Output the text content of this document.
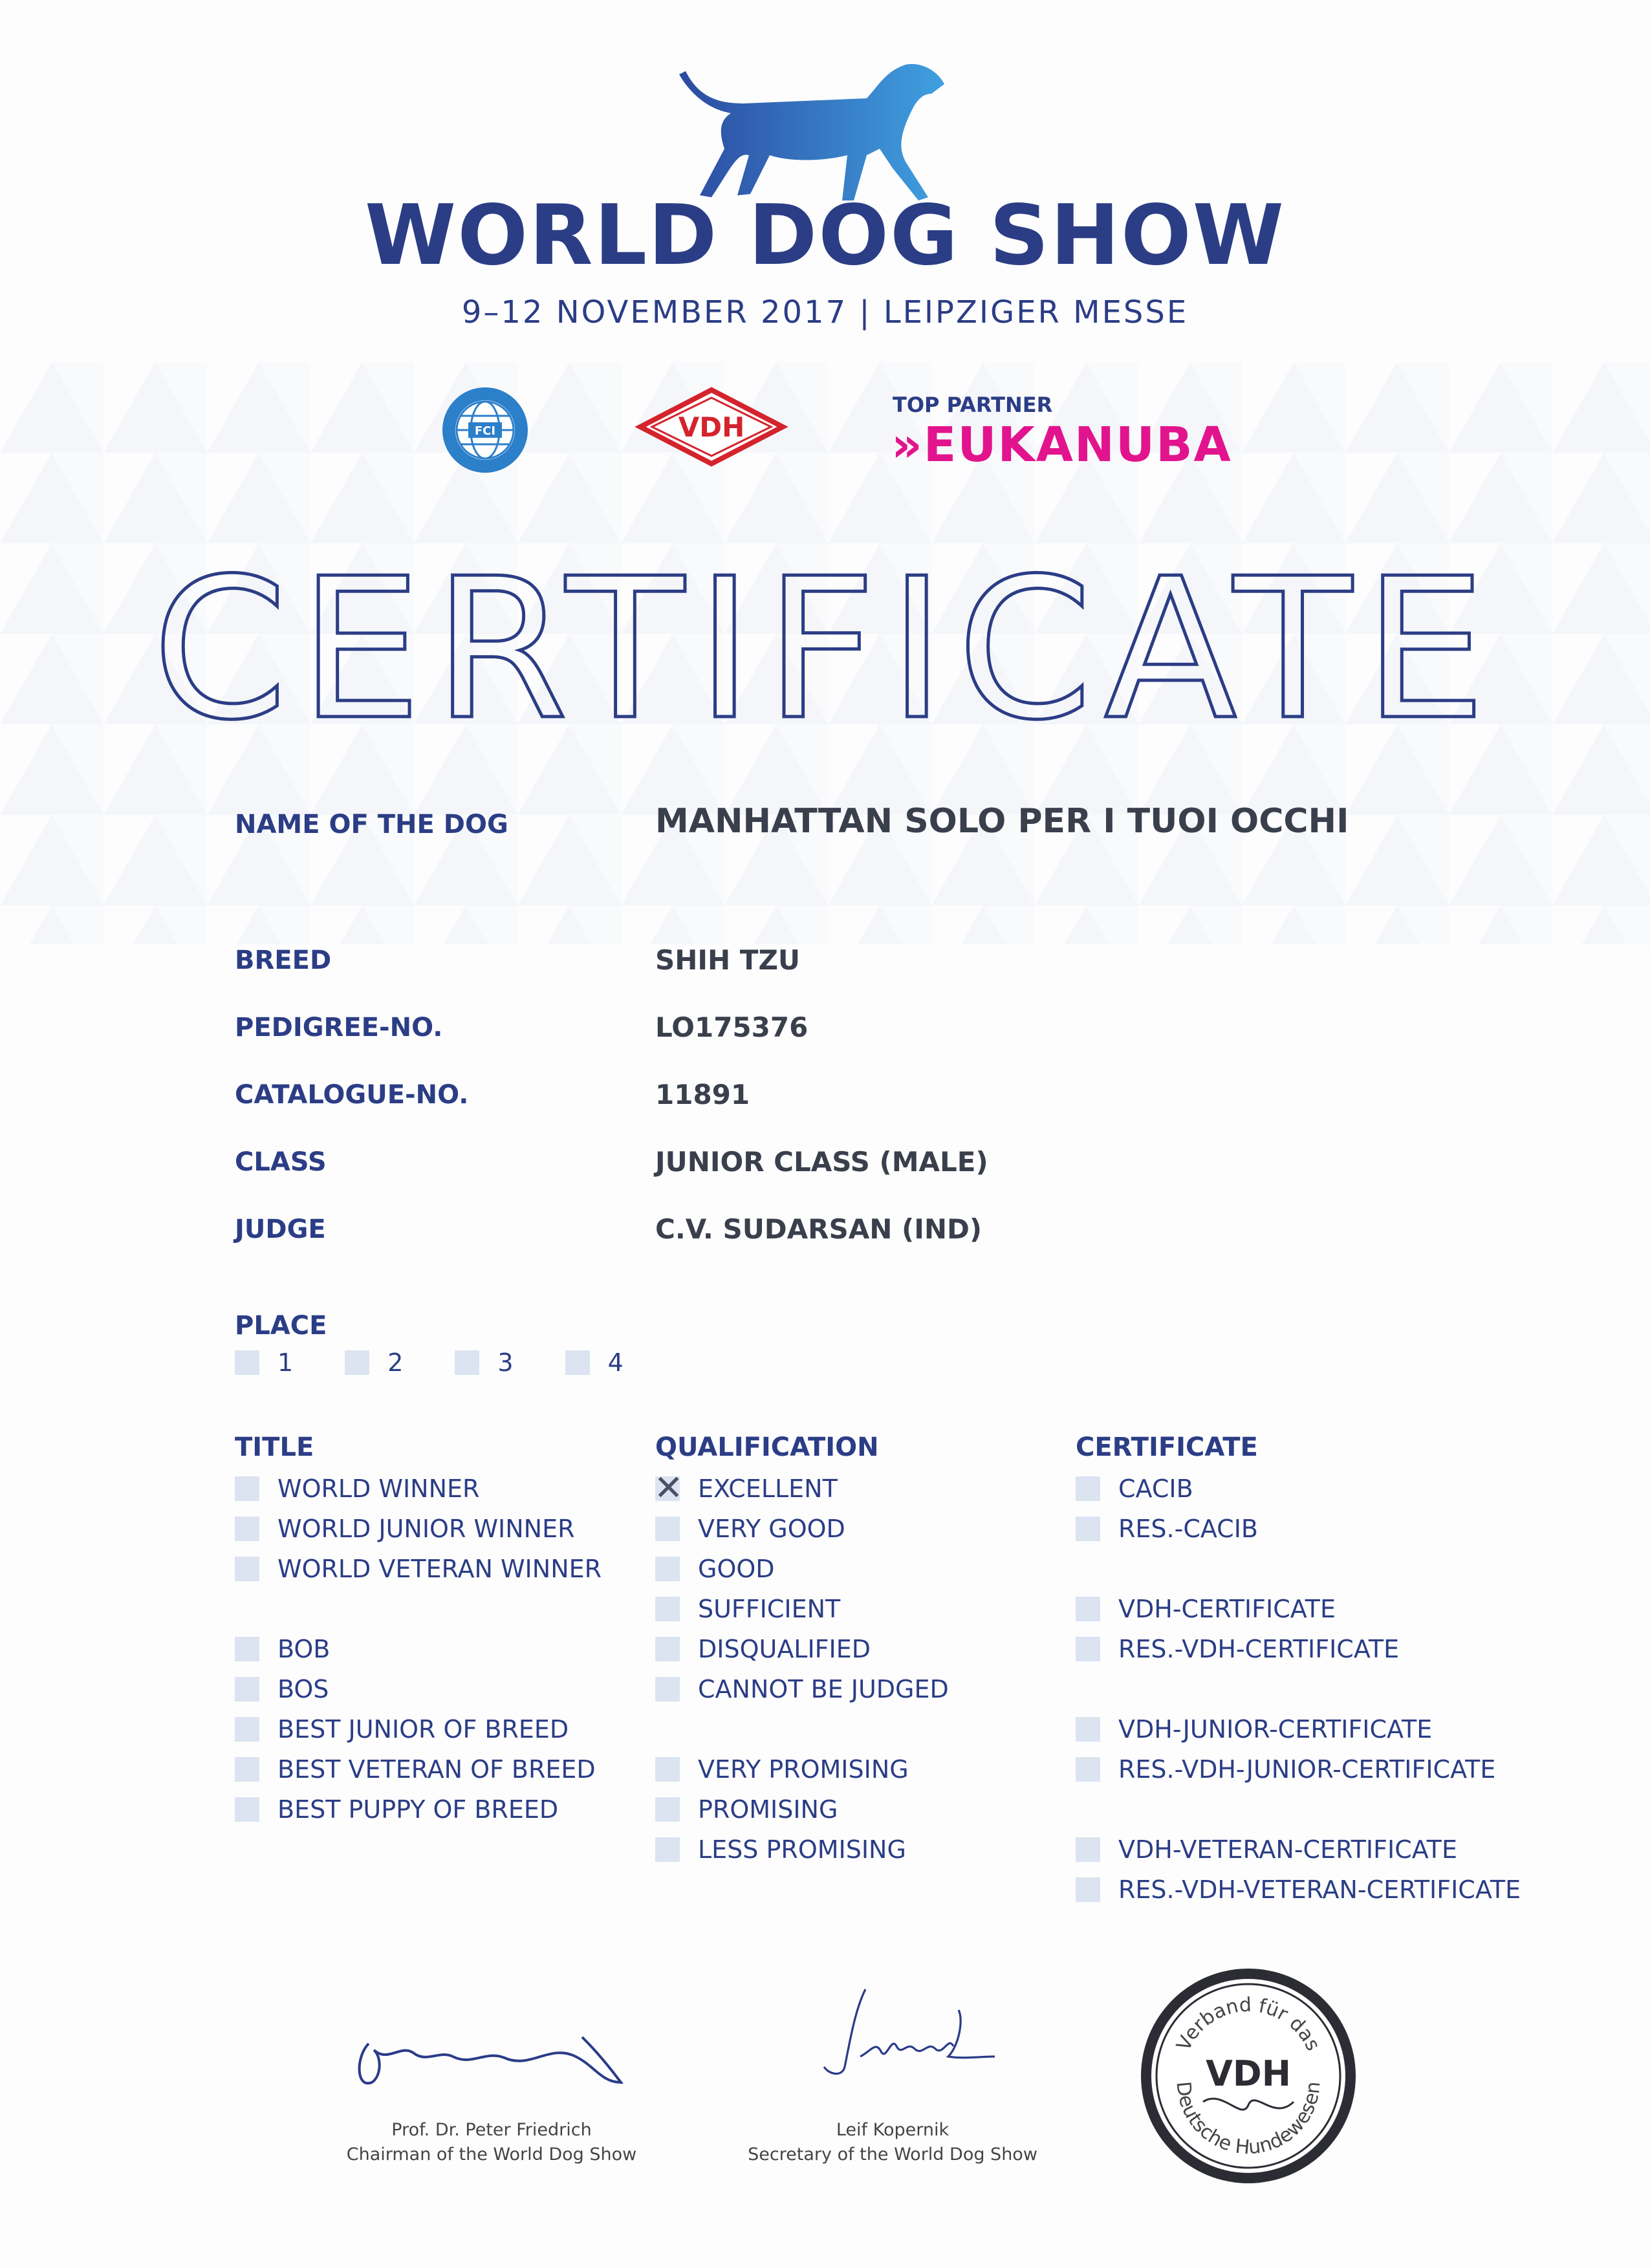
WORLD DOG SHOW
9–12 NOVEMBER 2017 | LEIPZIGER MESSE
FCI	VDH
TOP PARTNER
»EUKANUBA
CERTIFICATE
NAME OF THE DOG	MANHATTAN SOLO PER I TUOI OCCHI
BREED	SHIH TZU
PEDIGREE-NO.	LO175376
CATALOGUE-NO.	11891
CLASS	JUNIOR CLASS (MALE)
JUDGE	C.V. SUDARSAN (IND)
PLACE
1	2	3	4
TITLE
WORLD WINNER
WORLD JUNIOR WINNER
WORLD VETERAN WINNER
BOB
BOS
BEST JUNIOR OF BREED
BEST VETERAN OF BREED
BEST PUPPY OF BREED
QUALIFICATION
✕
EXCELLENT
VERY GOOD
GOOD
SUFFICIENT
DISQUALIFIED
CANNOT BE JUDGED
VERY PROMISING
PROMISING
LESS PROMISING
CERTIFICATE
CACIB
RES.-CACIB
VDH-CERTIFICATE
RES.-VDH-CERTIFICATE
VDH-JUNIOR-CERTIFICATE
RES.-VDH-JUNIOR-CERTIFICATE
VDH-VETERAN-CERTIFICATE
RES.-VDH-VETERAN-CERTIFICATE
Prof. Dr. Peter Friedrich
Chairman of the World Dog Show
Leif Kopernik
Secretary of the World Dog Show
Verband für das
VDH
Deutsche Hundewesen
